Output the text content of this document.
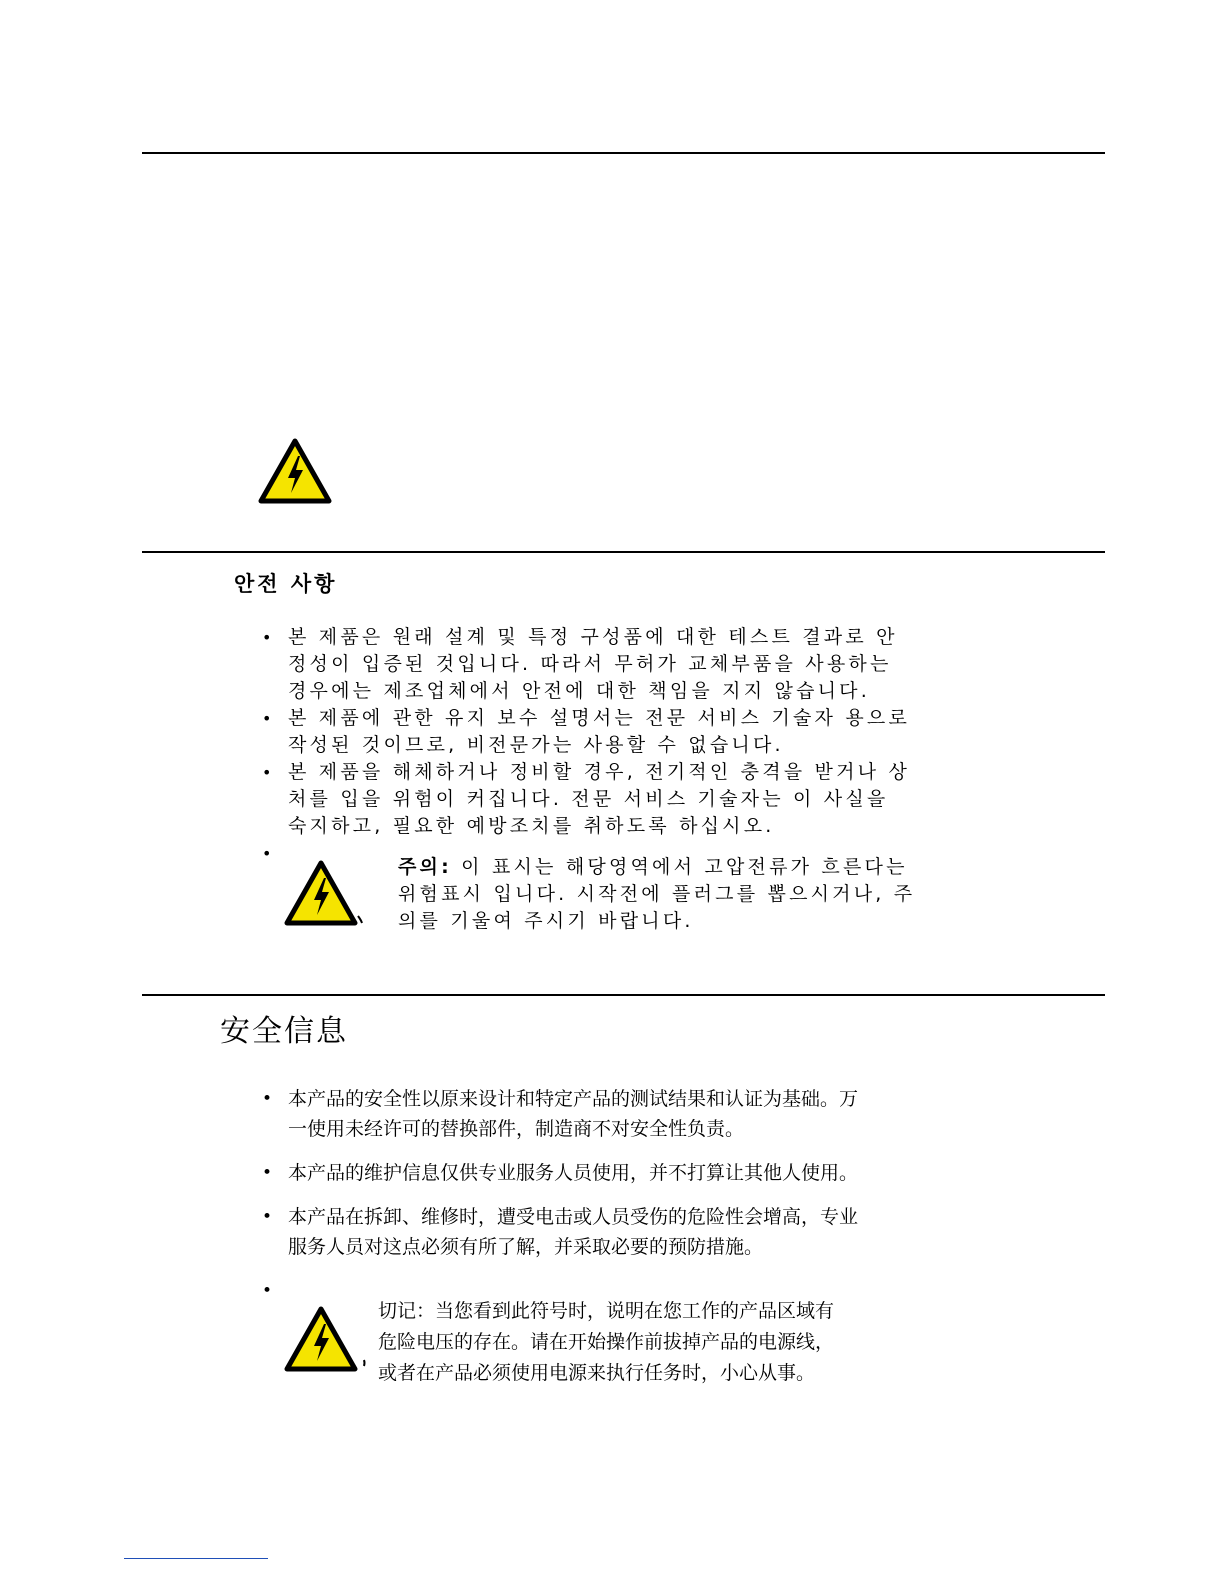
안전 사항
• 본 제품은 원래 설계 및 특정 구성품에 대한 테스트 결과로 안정성이 입증된 것입니다. 따라서 무허가 교체부품을 사용하는 경우에는 제조업체에서 안전에 대한 책임을 지지 않습니다.
• 본 제품에 관한 유지 보수 설명서는 전문 서비스 기술자 용으로 작성된 것이므로, 비전문가는 사용할 수 없습니다.
• 본 제품을 해체하거나 정비할 경우, 전기적인 충격을 받거나 상처를 입을 위험이 커집니다. 전문 서비스 기술자는 이 사실을 숙지하고, 필요한 예방조치를 취하도록 하십시오.
•
주의: 이 표시는 해당영역에서 고압전류가 흐른다는 위험표시 입니다. 시작전에 플러그를 뽑으시거나, 주의를 기울여 주시기 바랍니다.
安全信息
• 本产品的安全性以原来设计和特定产品的测试结果和认证为基础。万一使用未经许可的替换部件，制造商不对安全性负责。
• 本产品的维护信息仅供专业服务人员使用，并不打算让其他人使用。
• 本产品在拆卸、维修时，遭受电击或人员受伤的危险性会增高，专业服务人员对这点必须有所了解，并采取必要的预防措施。
•
切记：当您看到此符号时，说明在您工作的产品区域有危险电压的存在。请在开始操作前拔掉产品的电源线，或者在产品必须使用电源来执行任务时，小心从事。
